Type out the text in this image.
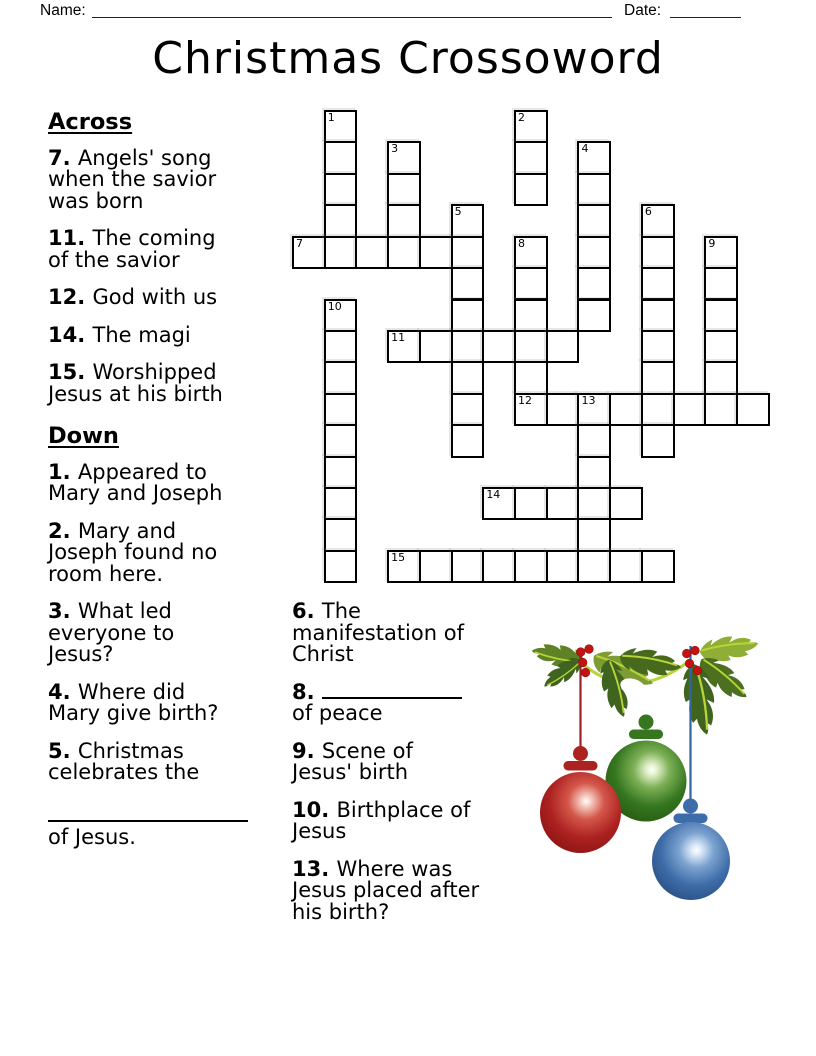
Name:	Date:
Christmas Crossoword
1	2
3	4
5	6
7	8	9
10
11
12	13
14
15
Across
7. Angels' song
when the savior
was born
11. The coming
of the savior
12. God with us
14. The magi
15. Worshipped
Jesus at his birth
Down
1. Appeared to
Mary and Joseph
2. Mary and
Joseph found no
room here.
3. What led
everyone to
Jesus?
4. Where did
Mary give birth?
5. Christmas
celebrates the
of Jesus.
6. The
manifestation of
Christ
8.
of peace
9. Scene of
Jesus' birth
10. Birthplace of
Jesus
13. Where was
Jesus placed after
his birth?
